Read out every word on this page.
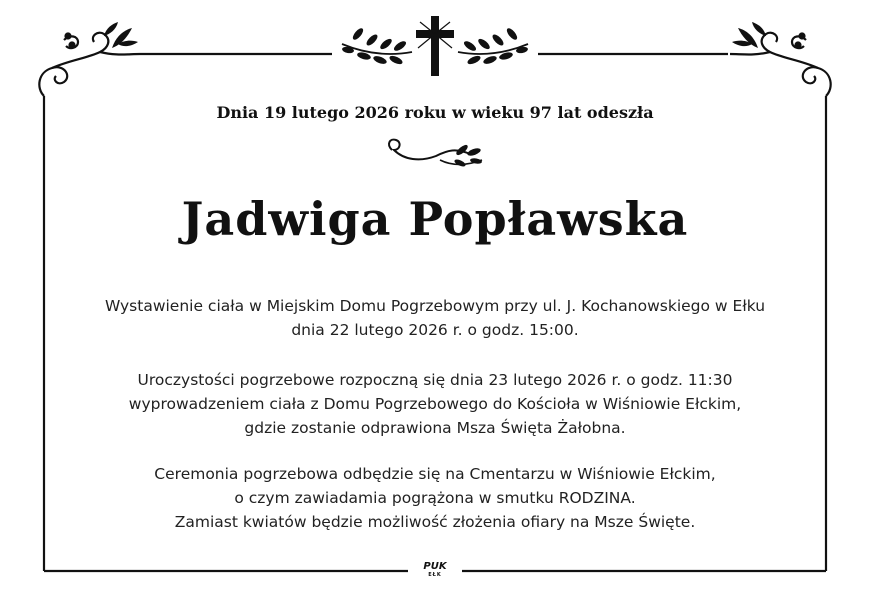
Dnia 19 lutego 2026 roku w wieku 97 lat odeszła
Jadwiga Popławska
Wystawienie ciała w Miejskim Domu Pogrzebowym przy ul. J. Kochanowskiego w Ełku
dnia 22 lutego 2026 r. o godz. 15:00.
Uroczystości pogrzebowe rozpoczną się dnia 23 lutego 2026 r. o godz. 11:30
wyprowadzeniem ciała z Domu Pogrzebowego do Kościoła w Wiśniowie Ełckim,
gdzie zostanie odprawiona Msza Święta Żałobna.
Ceremonia pogrzebowa odbędzie się na Cmentarzu w Wiśniowie Ełckim,
o czym zawiadamia pogrążona w smutku RODZINA.
Zamiast kwiatów będzie możliwość złożenia ofiary na Msze Święte.
PUK
EŁK
